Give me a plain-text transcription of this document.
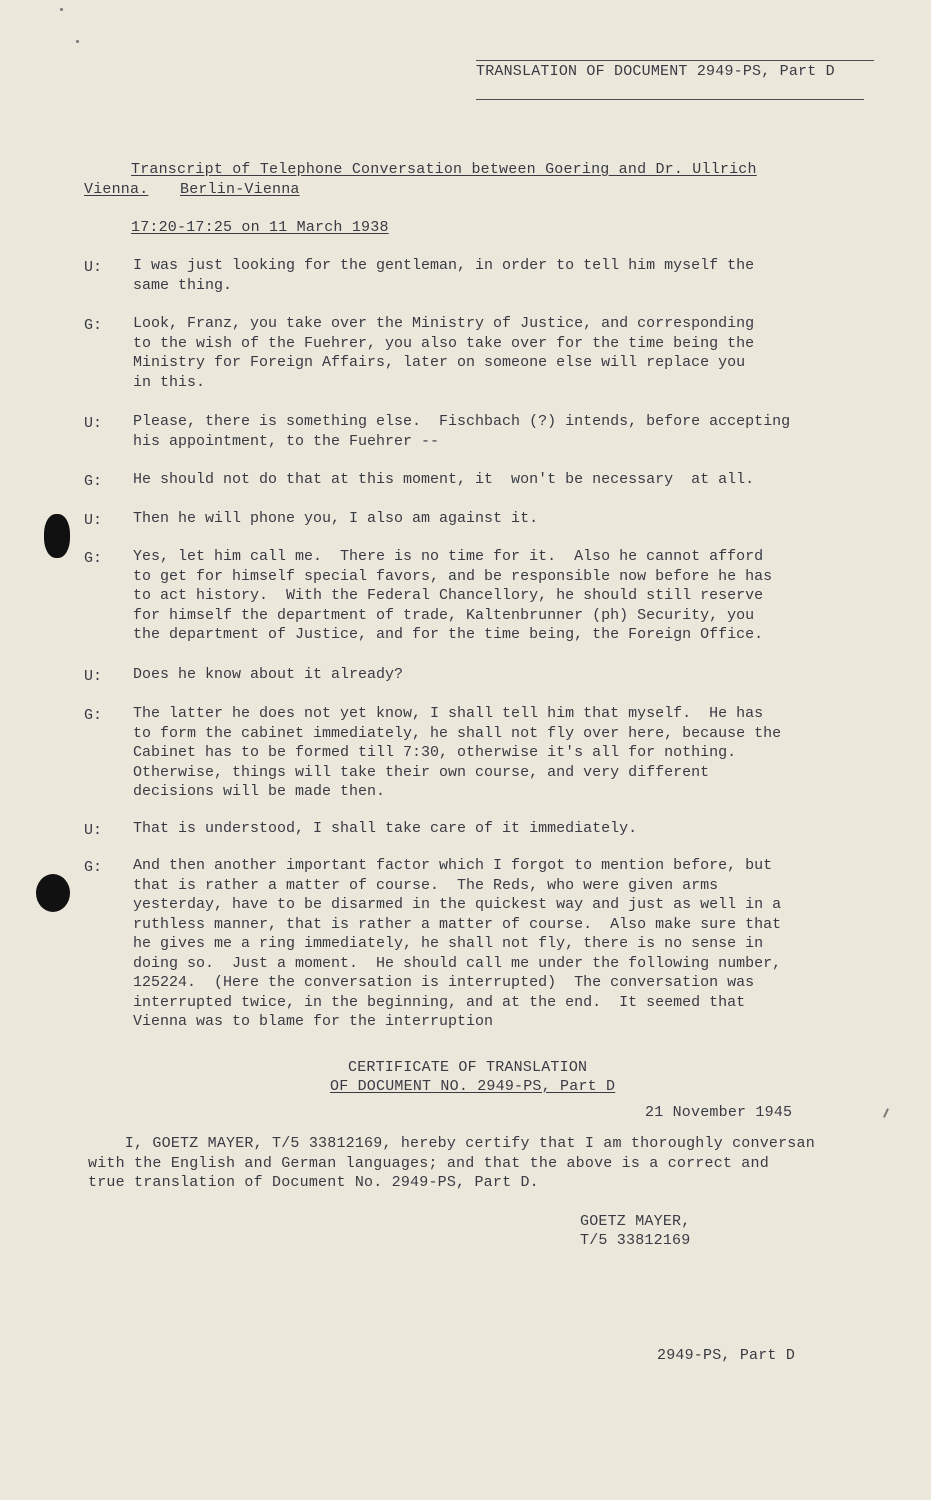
TRANSLATION OF DOCUMENT 2949-PS, Part D
Transcript of Telephone Conversation between Goering and Dr. Ullrich
Vienna. Berlin-Vienna
17:20-17:25 on 11 March 1938
U:	I was just looking for the gentleman, in order to tell him myself the
same thing.
G:	Look, Franz, you take over the Ministry of Justice, and corresponding
to the wish of the Fuehrer, you also take over for the time being the
Ministry for Foreign Affairs, later on someone else will replace you
in this.
U:	Please, there is something else.  Fischbach (?) intends, before accepting
his appointment, to the Fuehrer --
G:	He should not do that at this moment, it  won't be necessary  at all.
U:	Then he will phone you, I also am against it.
G:	Yes, let him call me.  There is no time for it.  Also he cannot afford
to get for himself special favors, and be responsible now before he has
to act history.  With the Federal Chancellory, he should still reserve
for himself the department of trade, Kaltenbrunner (ph) Security, you
the department of Justice, and for the time being, the Foreign Office.
U:	Does he know about it already?
G:	The latter he does not yet know, I shall tell him that myself.  He has
to form the cabinet immediately, he shall not fly over here, because the
Cabinet has to be formed till 7:30, otherwise it's all for nothing.
Otherwise, things will take their own course, and very different
decisions will be made then.
U:	That is understood, I shall take care of it immediately.
G:	And then another important factor which I forgot to mention before, but
that is rather a matter of course.  The Reds, who were given arms
yesterday, have to be disarmed in the quickest way and just as well in a
ruthless manner, that is rather a matter of course.  Also make sure that
he gives me a ring immediately, he shall not fly, there is no sense in
doing so.  Just a moment.  He should call me under the following number,
125224.  (Here the conversation is interrupted)  The conversation was
interrupted twice, in the beginning, and at the end.  It seemed that
Vienna was to blame for the interruption
CERTIFICATE OF TRANSLATION
OF DOCUMENT NO. 2949-PS, Part D
21 November 1945
I, GOETZ MAYER, T/5 33812169, hereby certify that I am thoroughly conversan
with the English and German languages; and that the above is a correct and
true translation of Document No. 2949-PS, Part D.
GOETZ MAYER,
T/5 33812169
2949-PS, Part D
